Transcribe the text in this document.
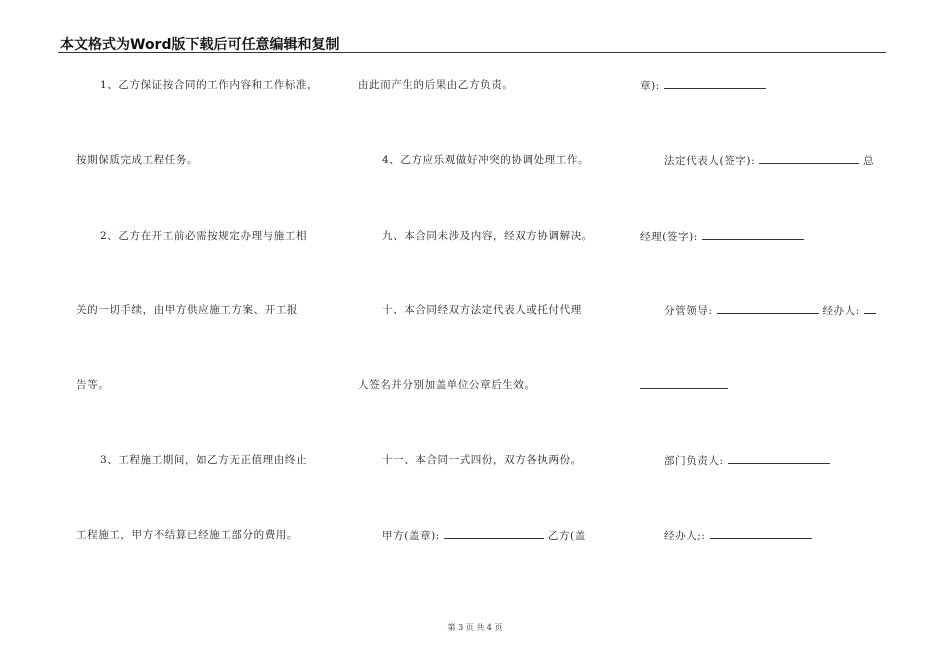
本文格式为Word版下载后可任意编辑和复制
1、乙方保证按合同的工作内容和工作标准，
按期保质完成工程任务。
2、乙方在开工前必需按规定办理与施工相
关的一切手续，由甲方供应施工方案、开工报
告等。
3、工程施工期间，如乙方无正值理由终止
工程施工，甲方不结算已经施工部分的费用。
由此而产生的后果由乙方负责。
4、乙方应乐观做好冲突的协调处理工作。
九、本合同未涉及内容，经双方协调解决。
十、本合同经双方法定代表人或托付代理
人签名并分别加盖单位公章后生效。
十一、本合同一式四份，双方各执两份。
甲方(盖章):	乙方(盖
章):
法定代表人(签字):	总
经理(签字):
分管领导:	经办人:
部门负责人:
经办人;:
第 3 页 共 4 页
